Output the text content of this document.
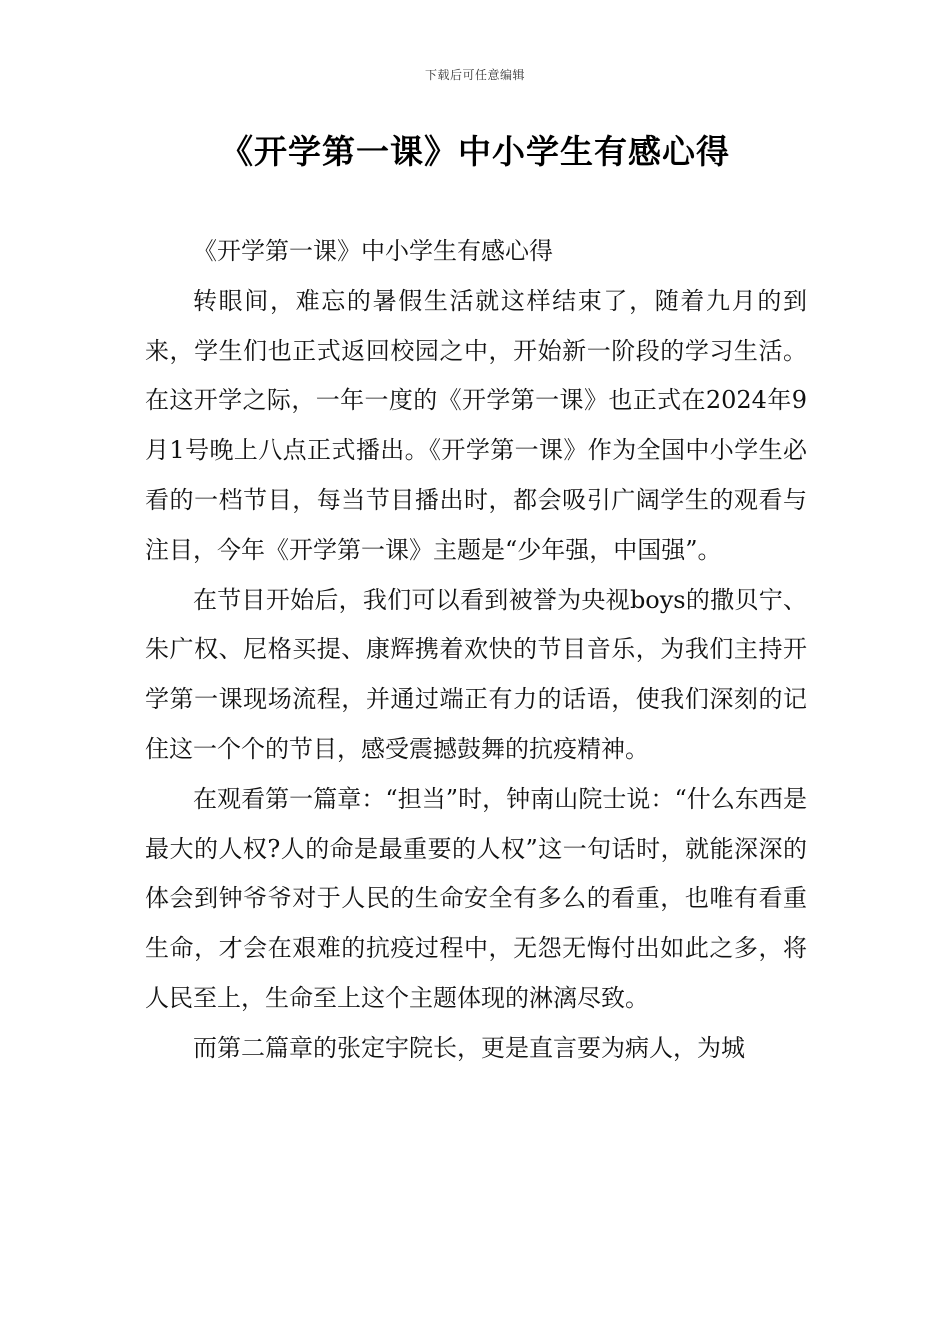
下载后可任意编辑
《开学第一课》中小学生有感心得

《开学第一课》中小学生有感心得

转眼间，难忘的暑假生活就这样结束了，随着九月的到来，学生们也正式返回校园之中，开始新一阶段的学习生活。在这开学之际，一年一度的《开学第一课》也正式在2024年9月1号晚上八点正式播出。《开学第一课》作为全国中小学生必看的一档节目，每当节目播出时，都会吸引广阔学生的观看与注目，今年《开学第一课》主题是“少年强，中国强”。

在节目开始后，我们可以看到被誉为央视boys的撒贝宁、朱广权、尼格买提、康辉携着欢快的节目音乐，为我们主持开学第一课现场流程，并通过端正有力的话语，使我们深刻的记住这一个个的节目，感受震撼鼓舞的抗疫精神。

在观看第一篇章：“担当”时，钟南山院士说：“什么东西是最大的人权?人的命是最重要的人权”这一句话时，就能深深的体会到钟爷爷对于人民的生命安全有多么的看重，也唯有看重生命，才会在艰难的抗疫过程中，无怨无悔付出如此之多，将人民至上，生命至上这个主题体现的淋漓尽致。

而第二篇章的张定宇院长，更是直言要为病人，为城
